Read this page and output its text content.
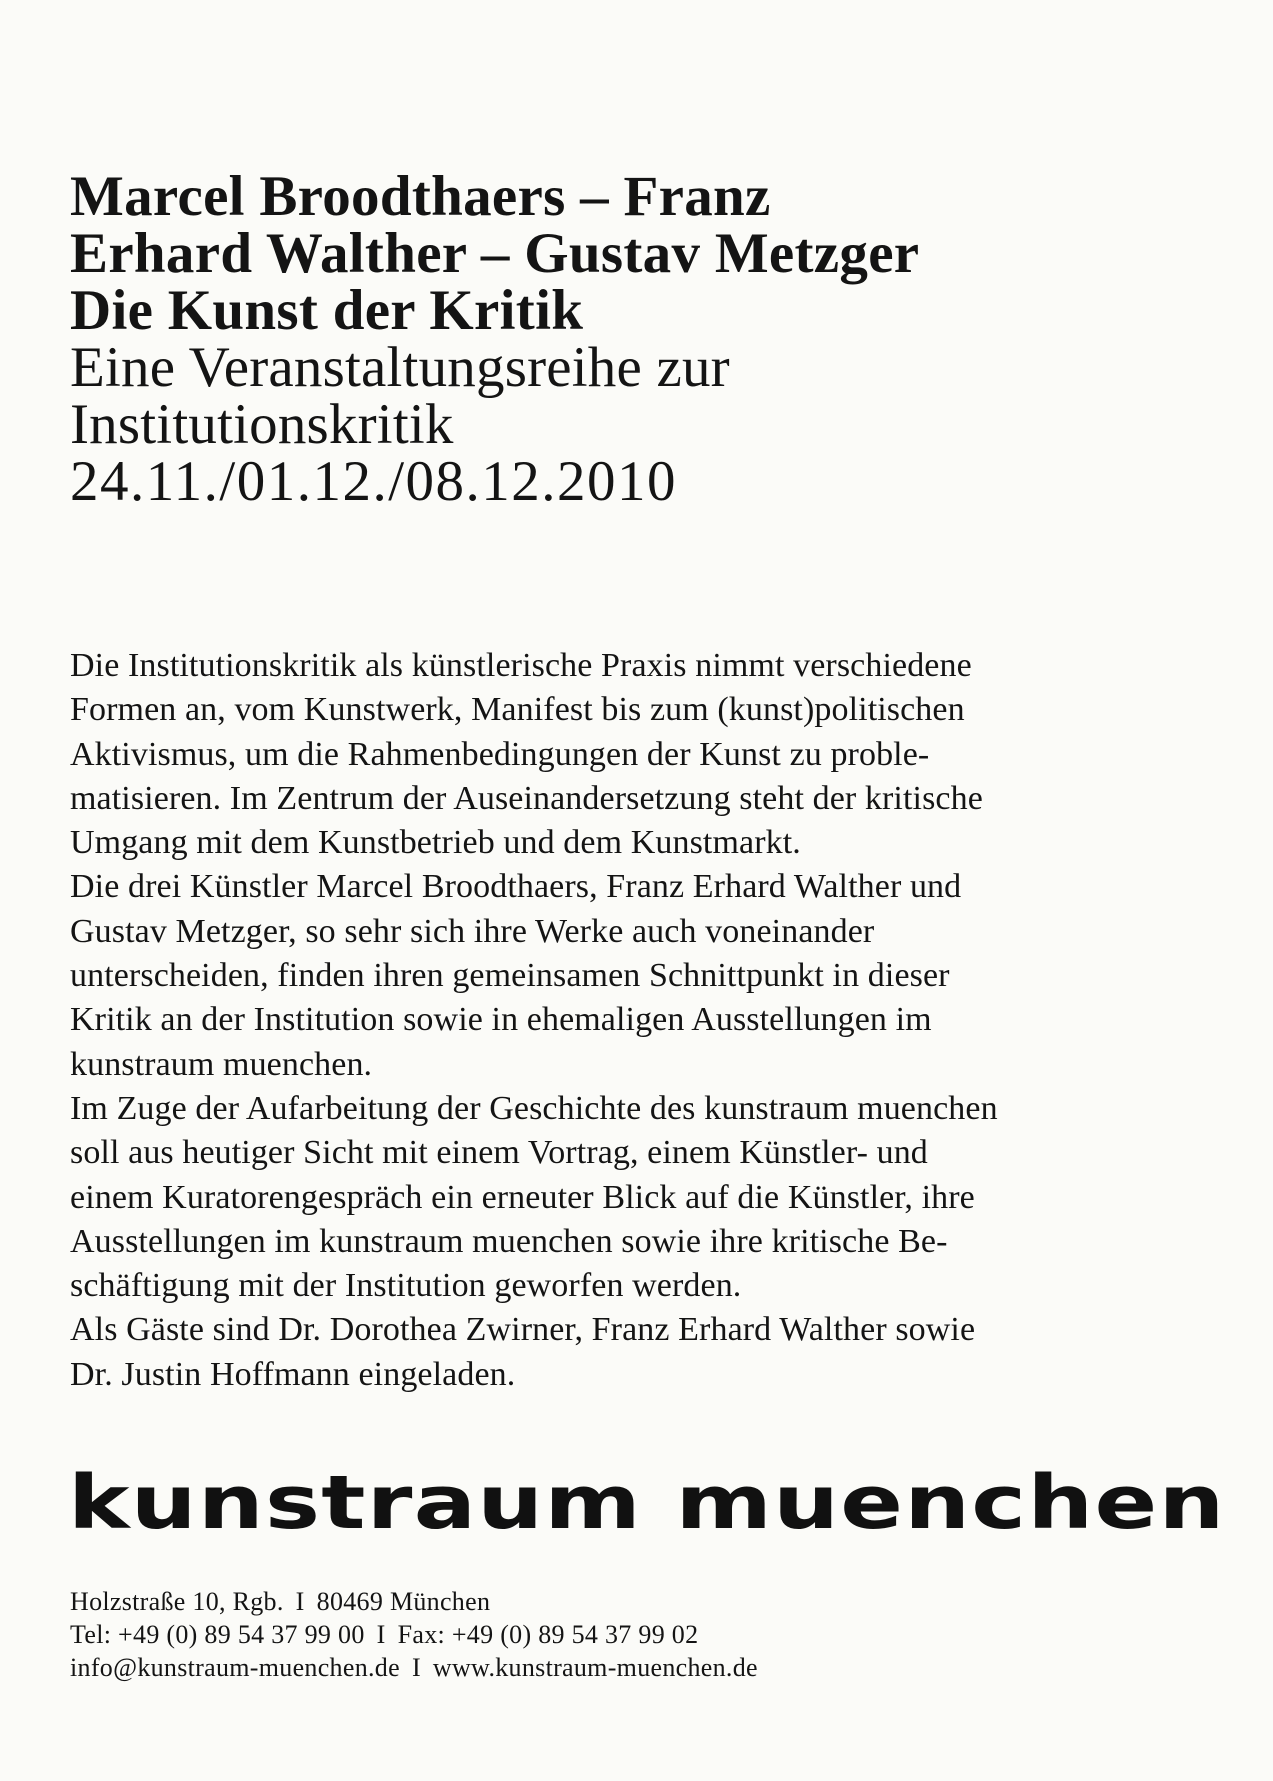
Marcel Broodthaers – Franz
Erhard Walther – Gustav Metzger
Die Kunst der Kritik
Eine Veranstaltungsreihe zur
Institutionskritik
24.11./01.12./08.12.2010
Die Institutionskritik als künstlerische Praxis nimmt verschiedene
Formen an, vom Kunstwerk, Manifest bis zum (kunst)politischen
Aktivismus, um die Rahmenbedingungen der Kunst zu proble-
matisieren. Im Zentrum der Auseinandersetzung steht der kritische
Umgang mit dem Kunstbetrieb und dem Kunstmarkt.
Die drei Künstler Marcel Broodthaers, Franz Erhard Walther und
Gustav Metzger, so sehr sich ihre Werke auch voneinander
unterscheiden, finden ihren gemeinsamen Schnittpunkt in dieser
Kritik an der Institution sowie in ehemaligen Ausstellungen im
kunstraum muenchen.
Im Zuge der Aufarbeitung der Geschichte des kunstraum muenchen
soll aus heutiger Sicht mit einem Vortrag, einem Künstler- und
einem Kuratorengespräch ein erneuter Blick auf die Künstler, ihre
Ausstellungen im kunstraum muenchen sowie ihre kritische Be-
schäftigung mit der Institution geworfen werden.
Als Gäste sind Dr. Dorothea Zwirner, Franz Erhard Walther sowie
Dr. Justin Hoffmann eingeladen.
kunstraum muenchen
Holzstraße 10, Rgb. I 80469 München
Tel: +49 (0) 89 54 37 99 00 I Fax: +49 (0) 89 54 37 99 02
info@kunstraum-muenchen.de I www.kunstraum-muenchen.de
